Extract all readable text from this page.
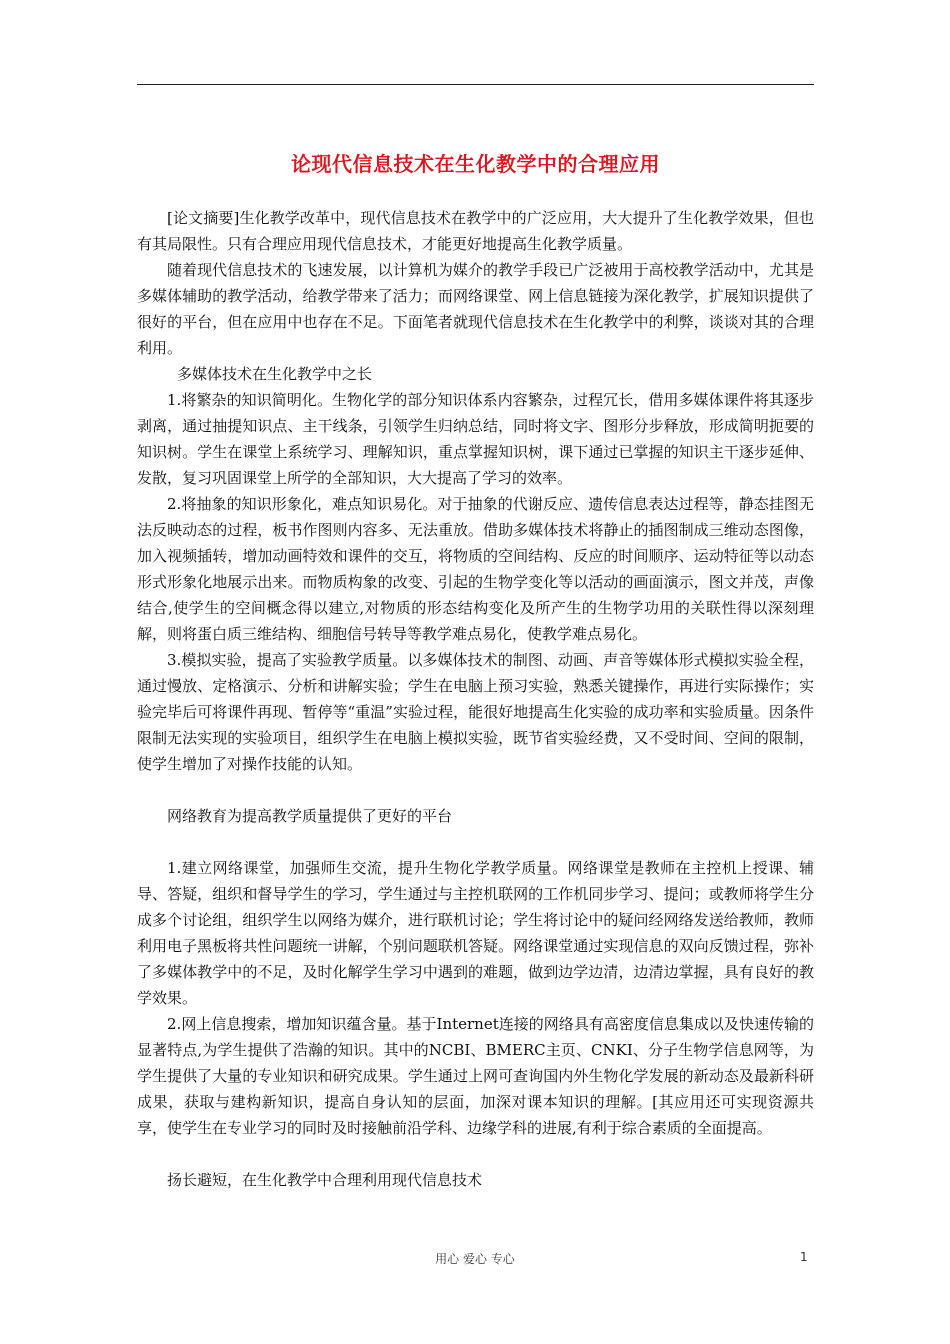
论现代信息技术在生化教学中的合理应用

[论文摘要]生化教学改革中，现代信息技术在教学中的广泛应用，大大提升了生化教学效果，但也有其局限性。只有合理应用现代信息技术，才能更好地提高生化教学质量。

随着现代信息技术的飞速发展，以计算机为媒介的教学手段已广泛被用于高校教学活动中，尤其是多媒体辅助的教学活动，给教学带来了活力；而网络课堂、网上信息链接为深化教学，扩展知识提供了很好的平台，但在应用中也存在不足。下面笔者就现代信息技术在生化教学中的利弊，谈谈对其的合理利用。

多媒体技术在生化教学中之长

1.将繁杂的知识简明化。生物化学的部分知识体系内容繁杂，过程冗长，借用多媒体课件将其逐步剥离，通过抽提知识点、主干线条，引领学生归纳总结，同时将文字、图形分步释放，形成简明扼要的知识树。学生在课堂上系统学习、理解知识，重点掌握知识树，课下通过已掌握的知识主干逐步延伸、发散，复习巩固课堂上所学的全部知识，大大提高了学习的效率。

2.将抽象的知识形象化，难点知识易化。对于抽象的代谢反应、遗传信息表达过程等，静态挂图无法反映动态的过程，板书作图则内容多、无法重放。借助多媒体技术将静止的插图制成三维动态图像，加入视频插转，增加动画特效和课件的交互，将物质的空间结构、反应的时间顺序、运动特征等以动态形式形象化地展示出来。而物质构象的改变、引起的生物学变化等以活动的画面演示，图文并茂，声像结合,使学生的空间概念得以建立,对物质的形态结构变化及所产生的生物学功用的关联性得以深刻理解，则将蛋白质三维结构、细胞信号转导等教学难点易化，使教学难点易化。

3.模拟实验，提高了实验教学质量。以多媒体技术的制图、动画、声音等媒体形式模拟实验全程，通过慢放、定格演示、分析和讲解实验；学生在电脑上预习实验，熟悉关键操作，再进行实际操作；实验完毕后可将课件再现、暂停等“重温”实验过程，能很好地提高生化实验的成功率和实验质量。因条件限制无法实现的实验项目，组织学生在电脑上模拟实验，既节省实验经费，又不受时间、空间的限制，使学生增加了对操作技能的认知。

网络教育为提高教学质量提供了更好的平台

1.建立网络课堂，加强师生交流，提升生物化学教学质量。网络课堂是教师在主控机上授课、辅导、答疑，组织和督导学生的学习，学生通过与主控机联网的工作机同步学习、提问；或教师将学生分成多个讨论组，组织学生以网络为媒介，进行联机讨论；学生将讨论中的疑问经网络发送给教师，教师利用电子黑板将共性问题统一讲解，个别问题联机答疑。网络课堂通过实现信息的双向反馈过程，弥补了多媒体教学中的不足，及时化解学生学习中遇到的难题，做到边学边清，边清边掌握，具有良好的教学效果。

2.网上信息搜索，增加知识蕴含量。基于Internet连接的网络具有高密度信息集成以及快速传输的显著特点,为学生提供了浩瀚的知识。其中的NCBI、BMERC主页、CNKI、分子生物学信息网等，为学生提供了大量的专业知识和研究成果。学生通过上网可查询国内外生物化学发展的新动态及最新科研成果，获取与建构新知识，提高自身认知的层面，加深对课本知识的理解。[其应用还可实现资源共享，使学生在专业学习的同时及时接触前沿学科、边缘学科的进展,有利于综合素质的全面提高。

扬长避短，在生化教学中合理利用现代信息技术

用心 爱心 专心	1
